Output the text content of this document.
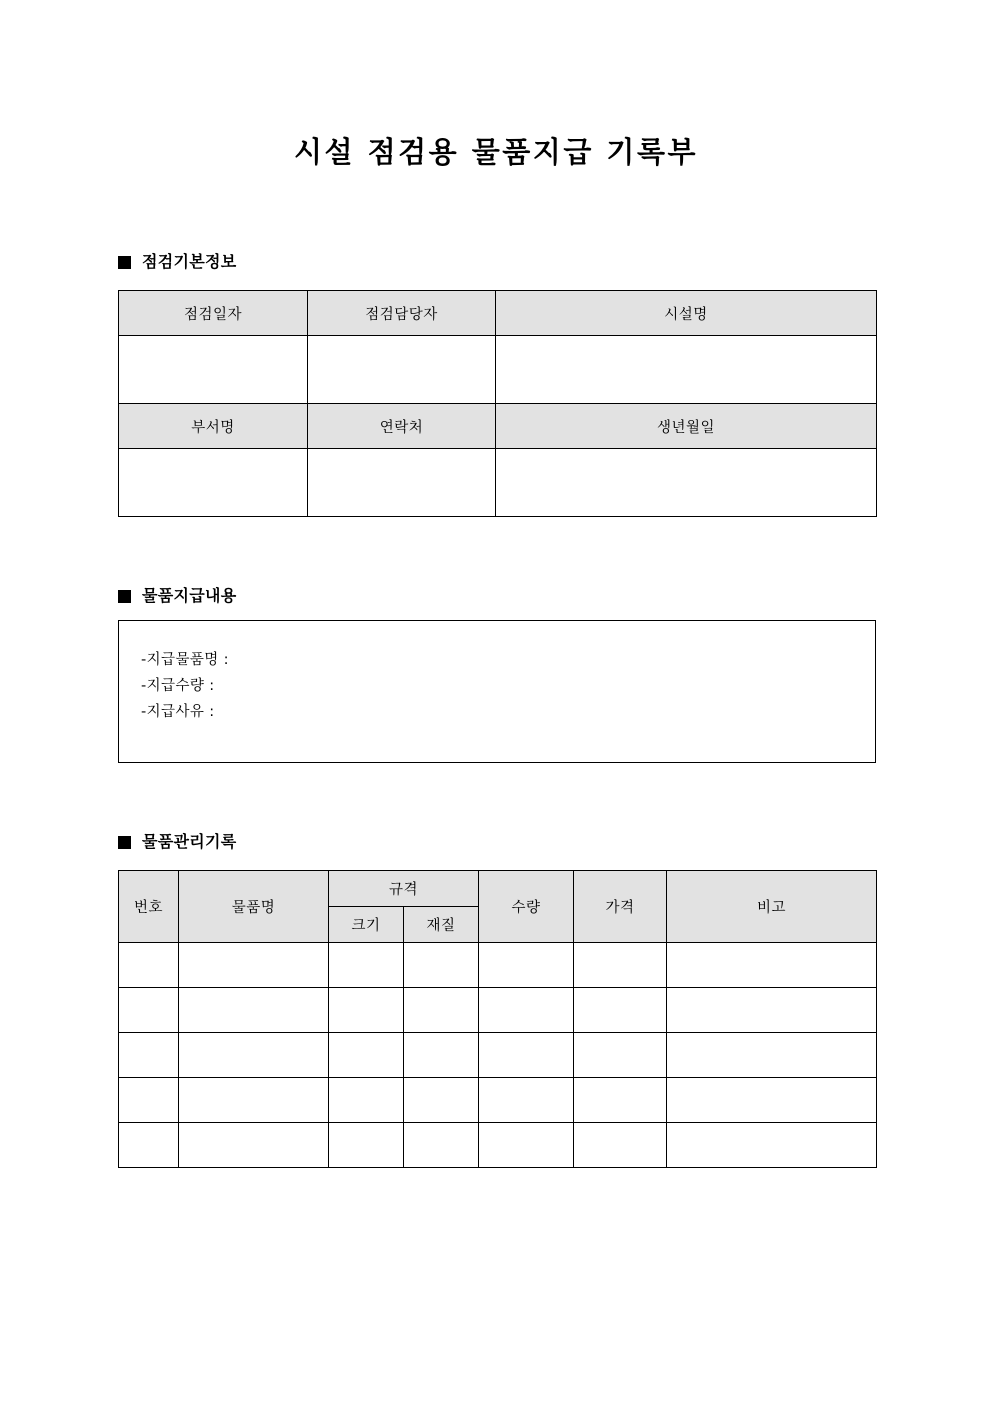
시설 점검용 물품지급 기록부
점검기본정보
점검일자	점검담당자	시설명

부서명	연락처	생년월일

물품지급내용
-지급물품명 :
-지급수량 :
-지급사유 :
물품관리기록
번호	물품명	규격		수량	가격	비고
		크기	재질			
